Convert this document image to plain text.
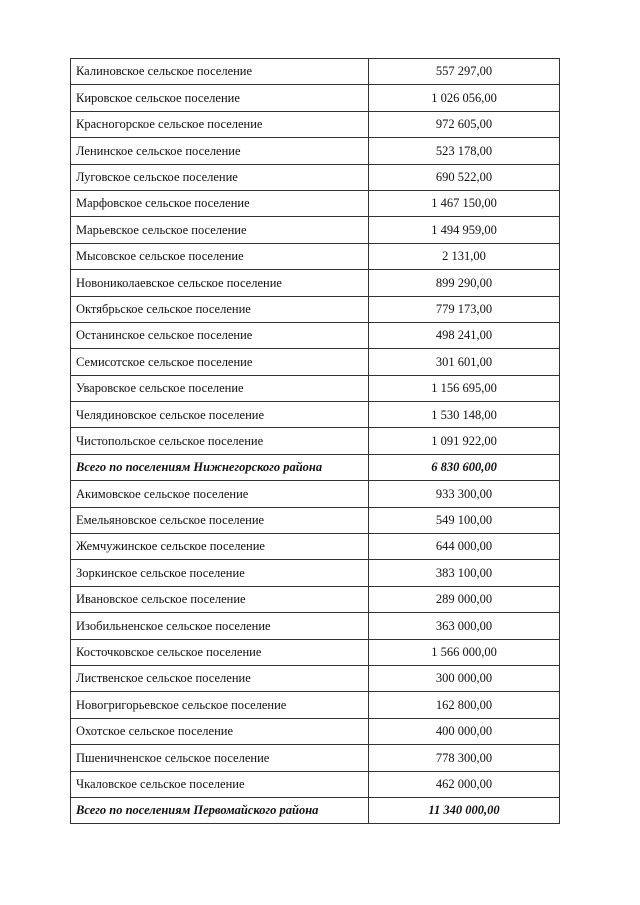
Калиновское сельское поселение	557 297,00
Кировское сельское поселение	1 026 056,00
Красногорское сельское поселение	972 605,00
Ленинское сельское поселение	523 178,00
Луговское сельское поселение	690 522,00
Марфовское сельское поселение	1 467 150,00
Марьевское сельское поселение	1 494 959,00
Мысовское сельское поселение	2 131,00
Новониколаевское сельское поселение	899 290,00
Октябрьское сельское поселение	779 173,00
Останинское сельское поселение	498 241,00
Семисотское сельское поселение	301 601,00
Уваровское сельское поселение	1 156 695,00
Челядиновское сельское поселение	1 530 148,00
Чистопольское сельское поселение	1 091 922,00
Всего по поселениям Нижнегорского района	6 830 600,00
Акимовское сельское поселение	933 300,00
Емельяновское сельское поселение	549 100,00
Жемчужинское сельское поселение	644 000,00
Зоркинское сельское поселение	383 100,00
Ивановское сельское поселение	289 000,00
Изобильненское сельское поселение	363 000,00
Косточковское сельское поселение	1 566 000,00
Лиственское сельское поселение	300 000,00
Новогригорьевское сельское поселение	162 800,00
Охотское сельское поселение	400 000,00
Пшеничненское сельское поселение	778 300,00
Чкаловское сельское поселение	462 000,00
Всего по поселениям Первомайского района	11 340 000,00
